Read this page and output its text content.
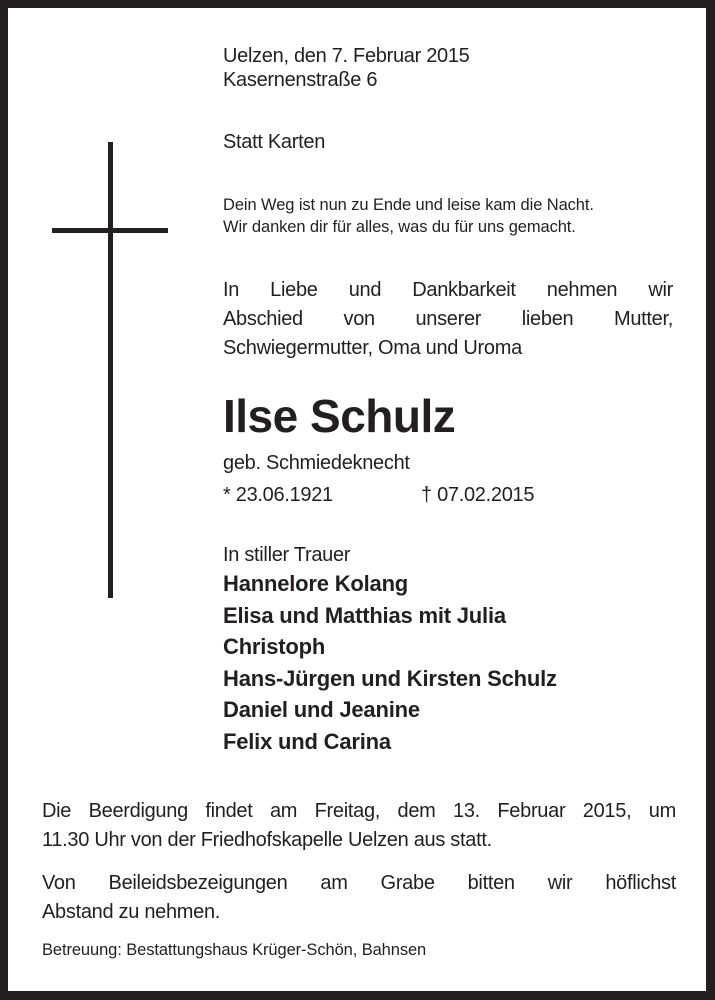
Uelzen, den 7. Februar 2015
Kasernenstraße 6
Statt Karten
Dein Weg ist nun zu Ende und leise kam die Nacht.
Wir danken dir für alles, was du für uns gemacht.
In Liebe und Dankbarkeit nehmen wir
Abschied von unserer lieben Mutter,
Schwiegermutter, Oma und Uroma
Ilse Schulz
geb. Schmiedeknecht
* 23.06.1921	† 07.02.2015
In stiller Trauer
Hannelore Kolang
Elisa und Matthias mit Julia
Christoph
Hans-Jürgen und Kirsten Schulz
Daniel und Jeanine
Felix und Carina
Die Beerdigung findet am Freitag, dem 13. Februar 2015, um
11.30 Uhr von der Friedhofskapelle Uelzen aus statt.
Von Beileidsbezeigungen am Grabe bitten wir höflichst
Abstand zu nehmen.
Betreuung: Bestattungshaus Krüger-Schön, Bahnsen
